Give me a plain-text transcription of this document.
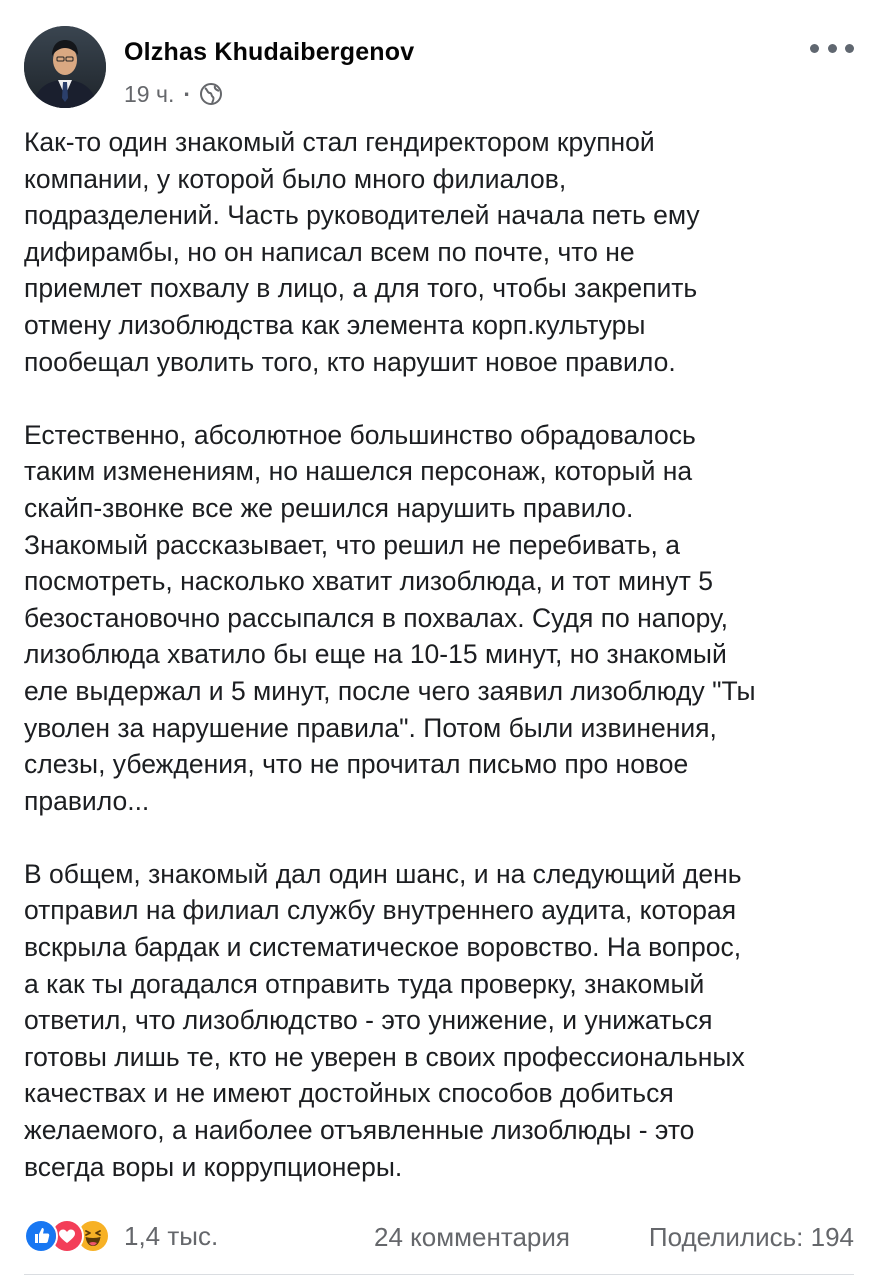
Olzhas Khudaibergenov
19 ч. ·

Как-то один знакомый стал гендиректором крупной
компании, у которой было много филиалов,
подразделений. Часть руководителей начала петь ему
дифирамбы, но он написал всем по почте, что не
приемлет похвалу в лицо, а для того, чтобы закрепить
отмену лизоблюдства как элемента корп.культуры
пообещал уволить того, кто нарушит новое правило.

Естественно, абсолютное большинство обрадовалось
таким изменениям, но нашелся персонаж, который на
скайп-звонке все же решился нарушить правило.
Знакомый рассказывает, что решил не перебивать, а
посмотреть, насколько хватит лизоблюда, и тот минут 5
безостановочно рассыпался в похвалах. Судя по напору,
лизоблюда хватило бы еще на 10-15 минут, но знакомый
еле выдержал и 5 минут, после чего заявил лизоблюду "Ты
уволен за нарушение правила". Потом были извинения,
слезы, убеждения, что не прочитал письмо про новое
правило...

В общем, знакомый дал один шанс, и на следующий день
отправил на филиал службу внутреннего аудита, которая
вскрыла бардак и систематическое воровство. На вопрос,
а как ты догадался отправить туда проверку, знакомый
ответил, что лизоблюдство - это унижение, и унижаться
готовы лишь те, кто не уверен в своих профессиональных
качествах и не имеют достойных способов добиться
желаемого, а наиболее отъявленные лизоблюды - это
всегда воры и коррупционеры.

1,4 тыс.	24 комментария	Поделились: 194
